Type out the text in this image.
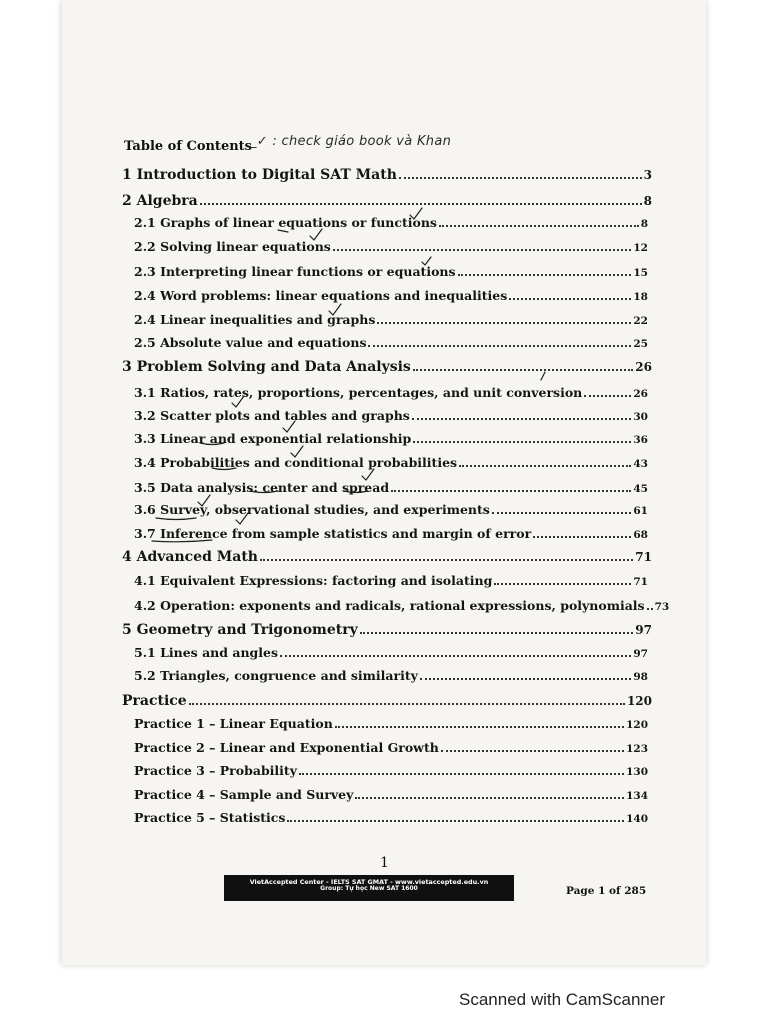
Table of Contents
_✓ : check giáo book và Khan
1 Introduction to Digital SAT Math	3
2 Algebra	8
2.1 Graphs of linear equations or functions	8
2.2 Solving linear equations	12
2.3 Interpreting linear functions or equations	15
2.4 Word problems: linear equations and inequalities	18
2.4 Linear inequalities and graphs	22
2.5 Absolute value and equations	25
3 Problem Solving and Data Analysis	26
3.1 Ratios, rates, proportions, percentages, and unit conversion	26
3.2 Scatter plots and tables and graphs	30
3.3 Linear and exponential relationship	36
3.4 Probabilities and conditional probabilities	43
3.5 Data analysis: center and spread	45
3.6 Survey, observational studies, and experiments	61
3.7 Inference from sample statistics and margin of error	68
4 Advanced Math	71
4.1 Equivalent Expressions: factoring and isolating	71
4.2 Operation: exponents and radicals, rational expressions, polynomials 73
5 Geometry and Trigonometry	97
5.1 Lines and angles	97
5.2 Triangles, congruence and similarity	98
Practice	120
Practice 1 – Linear Equation	120
Practice 2 – Linear and Exponential Growth	123
Practice 3 – Probability	130
Practice 4 – Sample and Survey	134
Practice 5 – Statistics	140
1
VietAccepted Center - IELTS SAT GMAT - www.vietaccepted.edu.vn
Group: Tự học New SAT 1600	Page 1 of 285
Scanned with CamScanner
